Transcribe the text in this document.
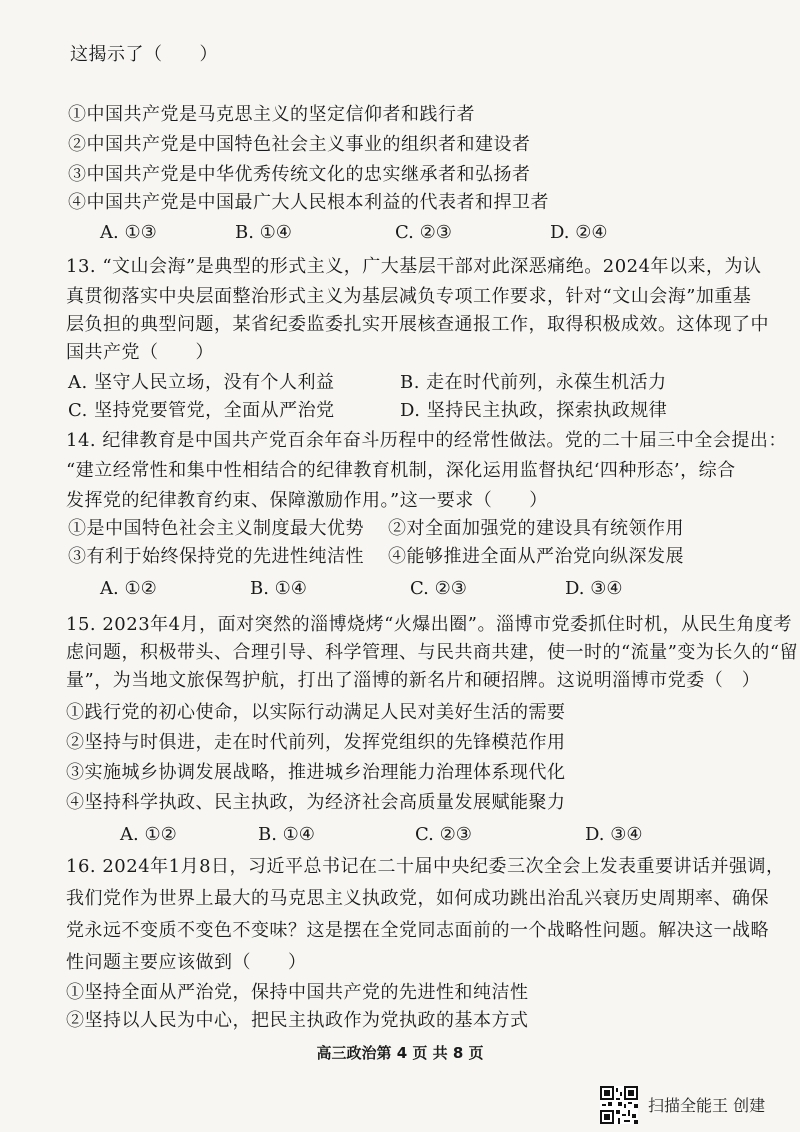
这揭示了（　　）
①中国共产党是马克思主义的坚定信仰者和践行者
②中国共产党是中国特色社会主义事业的组织者和建设者
③中国共产党是中华优秀传统文化的忠实继承者和弘扬者
④中国共产党是中国最广大人民根本利益的代表者和捍卫者
A. ①③	B. ①④	C. ②③	D. ②④
13. “文山会海”是典型的形式主义，广大基层干部对此深恶痛绝。2024年以来，为认
真贯彻落实中央层面整治形式主义为基层减负专项工作要求，针对“文山会海”加重基
层负担的典型问题，某省纪委监委扎实开展核查通报工作，取得积极成效。这体现了中
国共产党（　　）
A. 坚守人民立场，没有个人利益	B. 走在时代前列，永葆生机活力
C. 坚持党要管党，全面从严治党	D. 坚持民主执政，探索执政规律
14. 纪律教育是中国共产党百余年奋斗历程中的经常性做法。党的二十届三中全会提出：
“建立经常性和集中性相结合的纪律教育机制，深化运用监督执纪‘四种形态’，综合
发挥党的纪律教育约束、保障激励作用。”这一要求（　　）
①是中国特色社会主义制度最大优势 ②对全面加强党的建设具有统领作用
③有利于始终保持党的先进性纯洁性 ④能够推进全面从严治党向纵深发展
A. ①②	B. ①④	C. ②③	D. ③④
15. 2023年4月，面对突然的淄博烧烤“火爆出圈”。淄博市党委抓住时机，从民生角度考
虑问题，积极带头、合理引导、科学管理、与民共商共建，使一时的“流量”变为长久的“留
量”，为当地文旅保驾护航，打出了淄博的新名片和硬招牌。这说明淄博市党委（　）
①践行党的初心使命，以实际行动满足人民对美好生活的需要
②坚持与时俱进，走在时代前列，发挥党组织的先锋模范作用
③实施城乡协调发展战略，推进城乡治理能力治理体系现代化
④坚持科学执政、民主执政，为经济社会高质量发展赋能聚力
A. ①②	B. ①④	C. ②③	D. ③④
16. 2024年1月8日，习近平总书记在二十届中央纪委三次全会上发表重要讲话并强调，
我们党作为世界上最大的马克思主义执政党，如何成功跳出治乱兴衰历史周期率、确保
党永远不变质不变色不变味？这是摆在全党同志面前的一个战略性问题。解决这一战略
性问题主要应该做到（　　）
①坚持全面从严治党，保持中国共产党的先进性和纯洁性
②坚持以人民为中心，把民主执政作为党执政的基本方式
高三政治第 4 页 共 8 页
扫描全能王 创建
